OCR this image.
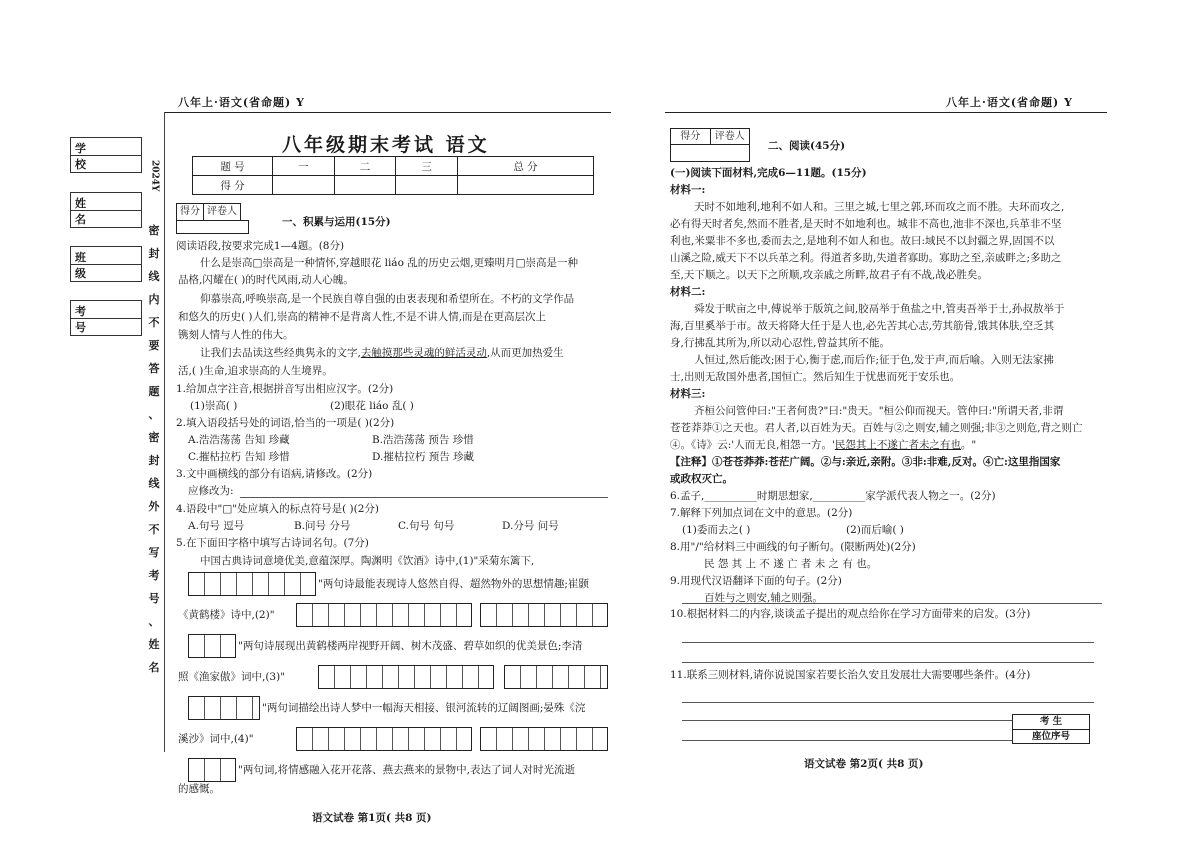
八年上·语文(省命题) Y	八年上·语文(省命题) Y
学 校
姓 名
班 级
考 号
2024Y
密
封
线
内
不
要
答
题
、
密
封
线
外
不
写
考
号
、
姓
名
八年级期末考试 语文
题 号	一	二	三	总 分
得 分				
得分 评卷人
一、积累与运用(15分)
阅读语段,按要求完成1—4题。(8分)
什么是崇高□崇高是一种情怀,穿越眼花 liáo 乱的历史云烟,更臻明月□崇高是一种
品格,闪耀在( )的时代风雨,动人心魄。
仰慕崇高,呼唤崇高,是一个民族自尊自强的由衷表现和希望所在。不朽的文学作品
和悠久的历史( )人们,崇高的精神不是背离人性,不是不讲人情,而是在更高层次上
镌刻人情与人性的伟大。
让我们去品读这些经典隽永的文字,去触摸那些灵魂的鲜活灵动,从而更加热爱生
活,( )生命,追求崇高的人生境界。
1.给加点字注音,根据拼音写出相应汉字。(2分)
(1)崇高( )	(2)眼花 liáo 乱( )
2.填入语段括号处的词语,恰当的一项是( )(2分)
A.浩浩荡荡 告知 珍藏	B.浩浩荡荡 预告 珍惜
C.摧枯拉朽 告知 珍惜	D.摧枯拉朽 预告 珍藏
3.文中画横线的部分有语病,请修改。(2分)
应修改为:
4.语段中"□"处应填入的标点符号是( )(2分)
A.句号 逗号	B.问号 分号	C.句号 句号	D.分号 问号
5.在下面田字格中填写古诗词名句。(7分)
中国古典诗词意境优美,意蕴深厚。陶渊明《饮酒》诗中,(1)"采菊东篱下,
"两句诗最能表现诗人悠然自得、超然物外的思想情趣;崔颢
《黄鹤楼》诗中,(2)"
"两句诗展现出黄鹤楼两岸视野开阔、树木茂盛、碧草如织的优美景色;李清
照《渔家傲》词中,(3)"
"两句词描绘出诗人梦中一幅海天相接、银河流转的辽阔图画;晏殊《浣
溪沙》词中,(4)"
"两句词,将情感融入花开花落、燕去燕来的景物中,表达了词人对时光流逝
的感慨。
语文试卷 第1页( 共8 页)
得分	评卷人
二、阅读(45分)
(一)阅读下面材料,完成6—11题。(15分)
材料一:
天时不如地利,地利不如人和。三里之城,七里之郭,环而攻之而不胜。夫环而攻之,
必有得天时者矣,然而不胜者,是天时不如地利也。城非不高也,池非不深也,兵革非不坚
利也,米粟非不多也,委而去之,是地利不如人和也。故曰:域民不以封疆之界,固国不以
山溪之险,威天下不以兵革之利。得道者多助,失道者寡助。寡助之至,亲戚畔之;多助之
至,天下顺之。以天下之所顺,攻亲戚之所畔,故君子有不战,战必胜矣。
材料二:
舜发于畎亩之中,傅说举于版筑之间,胶鬲举于鱼盐之中,管夷吾举于士,孙叔敖举于
海,百里奚举于市。故天将降大任于是人也,必先苦其心志,劳其筋骨,饿其体肤,空乏其
身,行拂乱其所为,所以动心忍性,曾益其所不能。
人恒过,然后能改;困于心,衡于虑,而后作;征于色,发于声,而后喻。入则无法家拂
士,出则无敌国外患者,国恒亡。然后知生于忧患而死于安乐也。
材料三:
齐桓公问管仲曰:"王者何贵?"曰:"贵天。"桓公仰而视天。管仲曰:"所谓天者,非谓
苍苍莽莽①之天也。君人者,以百姓为天。百姓与②之则安,辅之则强;非③之则危,背之则亡
④。《诗》云:'人而无良,相怨一方。'民怨其上不遂亡者未之有也。"
【注释】①苍苍莽莽:苍茫广阔。②与:亲近,亲附。③非:非难,反对。④亡:这里指国家
或政权灭亡。
6.孟子,__________时期思想家,__________家学派代表人物之一。(2分)
7.解释下列加点词在文中的意思。(2分)
(1)委而去之( )	(2)而后喻( )
8.用"/"给材料三中画线的句子断句。(限断两处)(2分)
民 怨 其 上 不 遂 亡 者 未 之 有 也。
9.用现代汉语翻译下面的句子。(2分)
百姓与之则安,辅之则强。
10.根据材料二的内容,谈谈孟子提出的观点给你在学习方面带来的启发。(3分)
11.联系三则材料,请你说说国家若要长治久安且发展壮大需要哪些条件。(4分)
考 生
座位序号
语文试卷 第2页( 共8 页)
